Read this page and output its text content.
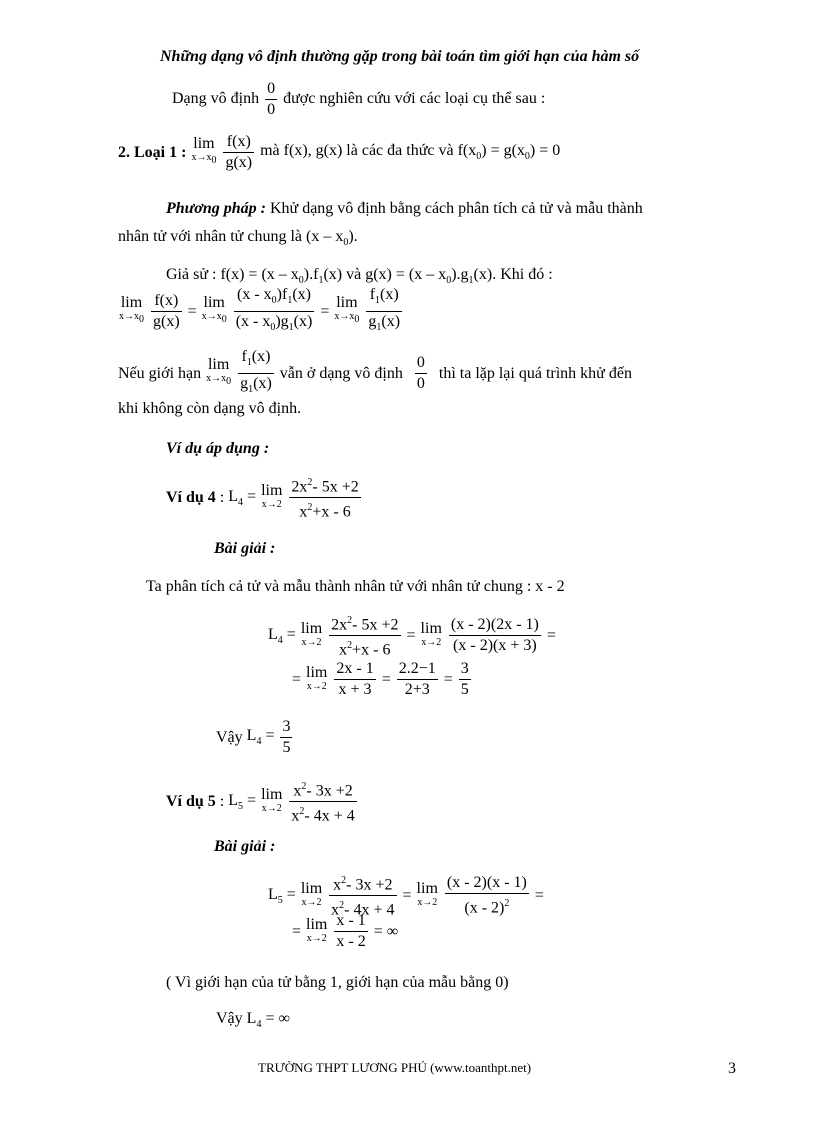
Những dạng vô định thường gặp trong bài toán tìm giới hạn của hàm số
Dạng vô định $\frac{0}{0}$ được nghiên cứu với các loại cụ thể sau :
2. Loại 1 : lim
$x\to x_0$
$\frac{f(x)}{g(x)}$ mà f(x), g(x) là các đa thức và $f(x_0) = g(x_0) = 0$
Phương pháp : Khử dạng vô định bằng cách phân tích cả tử và mẫu thành
nhân tử với nhân tử chung là $(x - x_0)$.
Giả sử : $f(x) = (x - x_0).f_1(x)$ và $g(x) = (x - x_0).g_1(x)$. Khi đó :
lim
$x\to x_0$
$\frac{f(x)}{g(x)} = \lim$
$x\to x_0$
$\frac{(x - x_0)f_1(x)}{(x - x_0)g_1(x)} = \lim$
$x\to x_0$
$\frac{f_1(x)}{g_1(x)}$
Nếu giới hạn lim
$x\to x_0$
$\frac{f_1(x)}{g_1(x)}$ vẫn ở dạng vô định $\frac{0}{0}$ thì ta lặp lại quá trình khử đến
khi không còn dạng vô định.
Ví dụ áp dụng :
Ví dụ 4 : $L_4 = \lim$
x→2
$\frac{2x^2- 5x +2}{x^2+x - 6}$
Bài giải :
Ta phân tích cả tử và mẫu thành nhân tử với nhân tử chung : x - 2
$L_4 = \lim$
x→2
$\frac{2x^2- 5x +2}{x^2+x - 6} = \lim$
x→2
$\frac{(x - 2)(2x - 1)}{(x - 2)(x + 3)}$ =
= lim
x→2
$\frac{2x - 1}{x + 3} = \frac{2.2-1}{2+3} = \frac{3}{5}$
Vậy $L_4 = \frac{3}{5}$
Ví dụ 5 : $L_5 = \lim$
x→2
$\frac{x^2- 3x +2}{x^2- 4x + 4}$
Bài giải :
$L_5 = \lim$
x→2
$\frac{x^2- 3x +2}{x^2- 4x + 4} = \lim$
x→2
$\frac{(x - 2)(x - 1)}{(x - 2)^2}$ =
= lim
x→2
$\frac{x - 1}{x - 2}$ = ∞
( Vì giới hạn của tử bằng 1, giới hạn của mẫu bằng 0)
Vậy $L_4$ = ∞
TRƯỜNG THPT LƯƠNG PHÚ (www.toanthpt.net)	3
